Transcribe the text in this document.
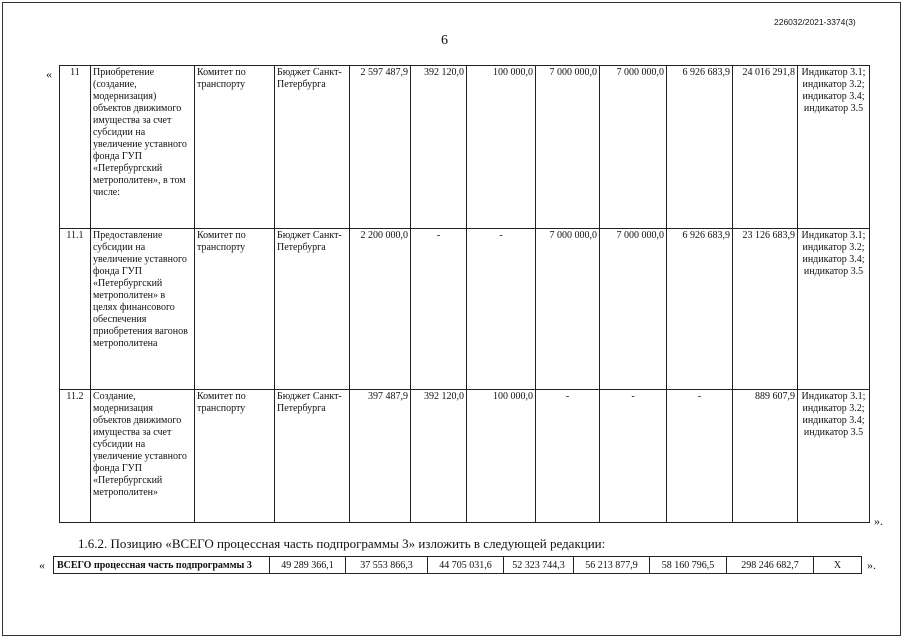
226032/2021-3374(3)
6
« 11	Приобретение (создание, модернизация) объектов движимого имущества за счет субсидии на увеличение уставного фонда ГУП «Петербургский метрополитен», в том числе:	Комитет по транспорту	Бюджет Санкт-Петербурга	2 597 487,9	392 120,0	100 000,0	7 000 000,0	7 000 000,0	6 926 683,9	24 016 291,8	Индикатор 3.1; индикатор 3.2; индикатор 3.4; индикатор 3.5
11.1	Предоставление субсидии на увеличение уставного фонда ГУП «Петербургский метрополитен» в целях финансового обеспечения приобретения вагонов метрополитена	Комитет по транспорту	Бюджет Санкт-Петербурга	2 200 000,0	-	-	7 000 000,0	7 000 000,0	6 926 683,9	23 126 683,9	Индикатор 3.1; индикатор 3.2; индикатор 3.4; индикатор 3.5
11.2	Создание, модернизация объектов движимого имущества за счет субсидии на увеличение уставного фонда ГУП «Петербургский метрополитен»	Комитет по транспорту	Бюджет Санкт-Петербурга	397 487,9	392 120,0	100 000,0	-	-	-	889 607,9	Индикатор 3.1; индикатор 3.2; индикатор 3.4; индикатор 3.5
».
1.6.2. Позицию «ВСЕГО процессная часть подпрограммы 3» изложить в следующей редакции:
« ВСЕГО процессная часть подпрограммы 3	49 289 366,1	37 553 866,3	44 705 031,6	52 323 744,3	56 213 877,9	58 160 796,5	298 246 682,7	X ».
